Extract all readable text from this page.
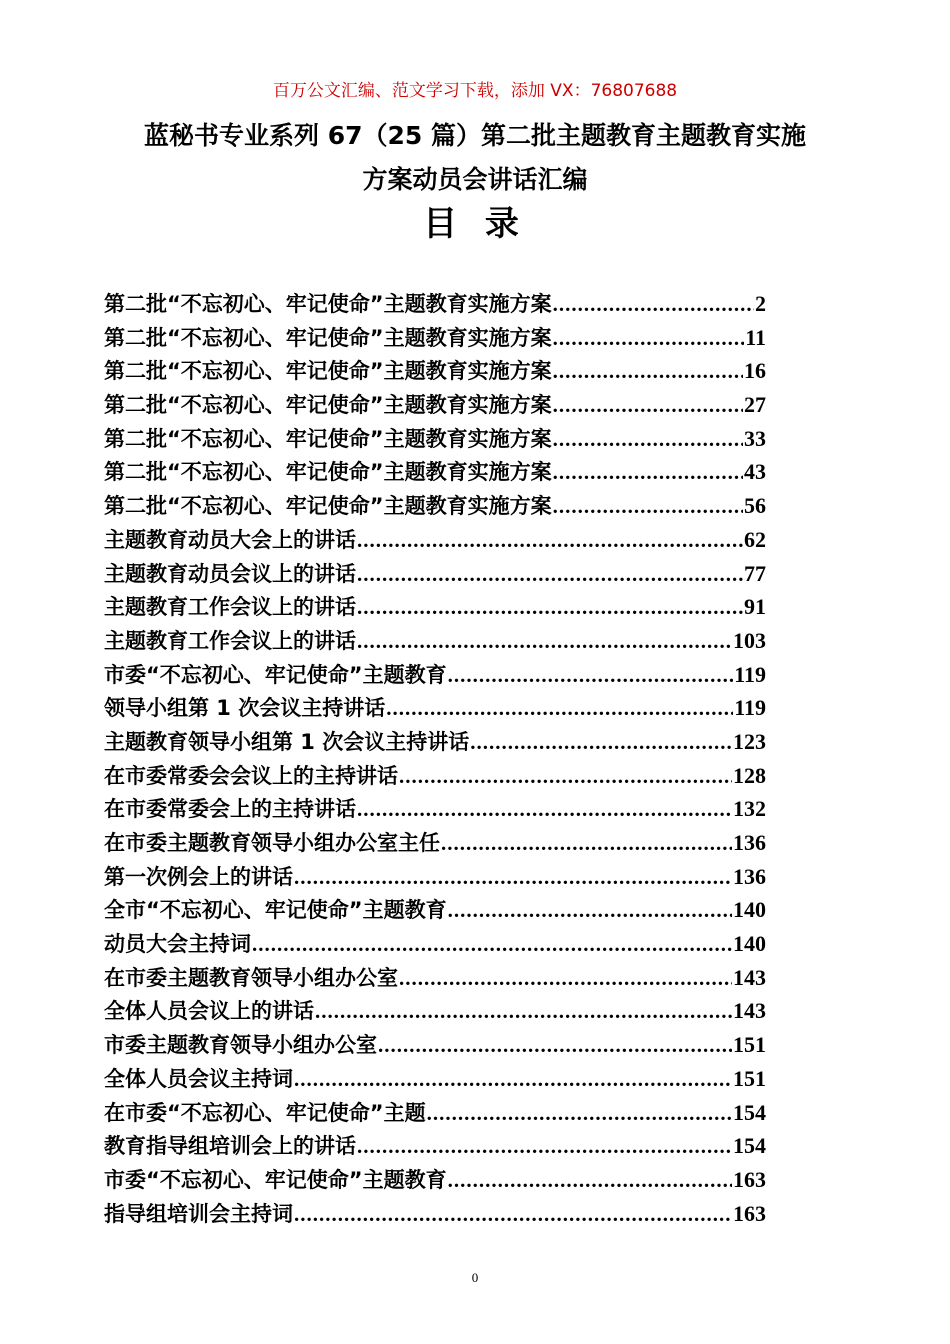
百万公文汇编、范文学习下载，添加 VX：76807688
蓝秘书专业系列 67（25 篇）第二批主题教育主题教育实施
方案动员会讲话汇编
目 录
第二批“不忘初心、牢记使命”主题教育实施方案 .....	2
第二批“不忘初心、牢记使命”主题教育实施方案 .....	11
第二批“不忘初心、牢记使命”主题教育实施方案 .....	16
第二批“不忘初心、牢记使命”主题教育实施方案 .....	27
第二批“不忘初心、牢记使命”主题教育实施方案 .....	33
第二批“不忘初心、牢记使命”主题教育实施方案 .....	43
第二批“不忘初心、牢记使命”主题教育实施方案 .....	56
主题教育动员大会上的讲话 .....	62
主题教育动员会议上的讲话 .....	77
主题教育工作会议上的讲话 .....	91
主题教育工作会议上的讲话 .....	103
市委“不忘初心、牢记使命”主题教育 .....	119
领导小组第 1 次会议主持讲话 .....	119
主题教育领导小组第 1 次会议主持讲话 .....	123
在市委常委会会议上的主持讲话 .....	128
在市委常委会上的主持讲话 .....	132
在市委主题教育领导小组办公室主任 .....	136
第一次例会上的讲话 .....	136
全市“不忘初心、牢记使命”主题教育 .....	140
动员大会主持词 .....	140
在市委主题教育领导小组办公室 .....	143
全体人员会议上的讲话 .....	143
市委主题教育领导小组办公室 .....	151
全体人员会议主持词 .....	151
在市委“不忘初心、牢记使命”主题 .....	154
教育指导组培训会上的讲话 .....	154
市委“不忘初心、牢记使命”主题教育 .....	163
指导组培训会主持词 .....	163
0
